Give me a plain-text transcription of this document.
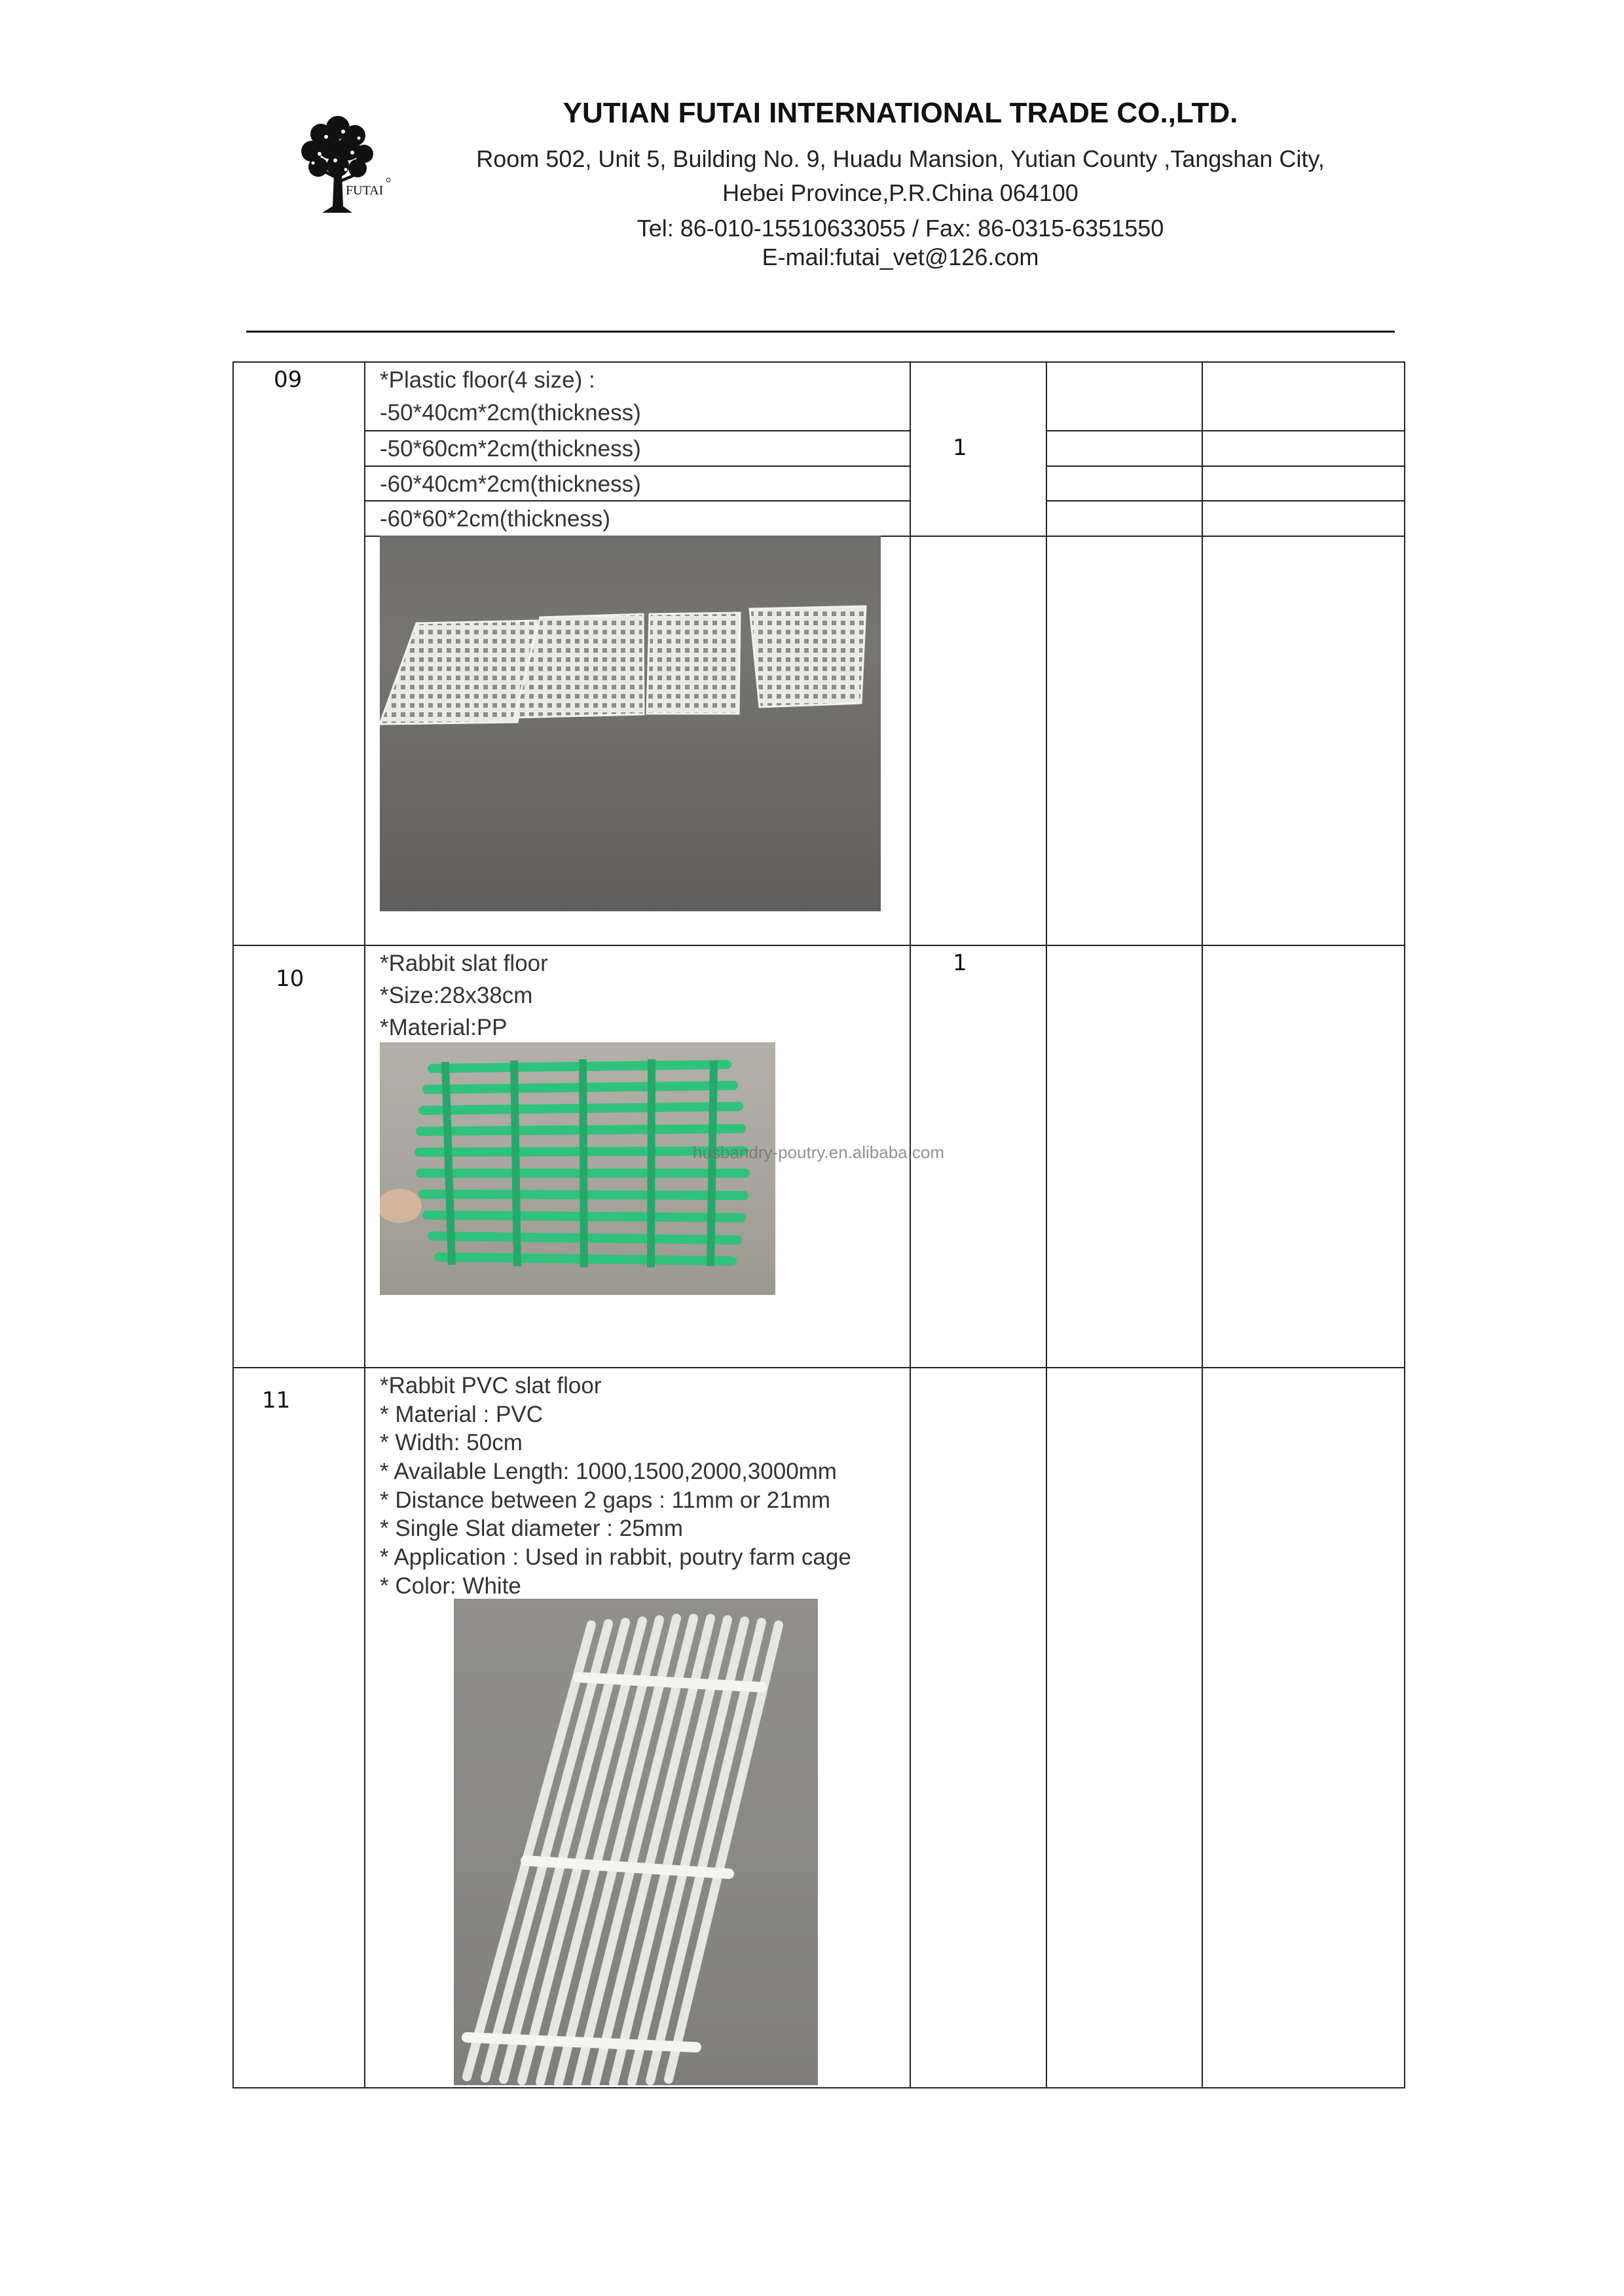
FUTAI
YUTIAN FUTAI INTERNATIONAL TRADE CO.,LTD.
Room 502, Unit 5, Building No. 9, Huadu Mansion, Yutian County ,Tangshan City,
Hebei Province,P.R.China 064100
Tel: 86-010-15510633055 / Fax: 86-0315-6351550
E-mail:futai_vet@126.com
09	*Plastic floor(4 size) :
-50*40cm*2cm(thickness)
-50*60cm*2cm(thickness)
-60*40cm*2cm(thickness)
-60*60*2cm(thickness)
1
10
*Rabbit slat floor
*Size:28x38cm
*Material:PP
1
husbandry-poutry.en.alibaba.com
11
*Rabbit PVC slat floor
* Material : PVC
* Width: 50cm
* Available Length: 1000,1500,2000,3000mm
* Distance between 2 gaps : 11mm or 21mm
* Single Slat diameter : 25mm
* Application : Used in rabbit, poutry farm cage
* Color: White
